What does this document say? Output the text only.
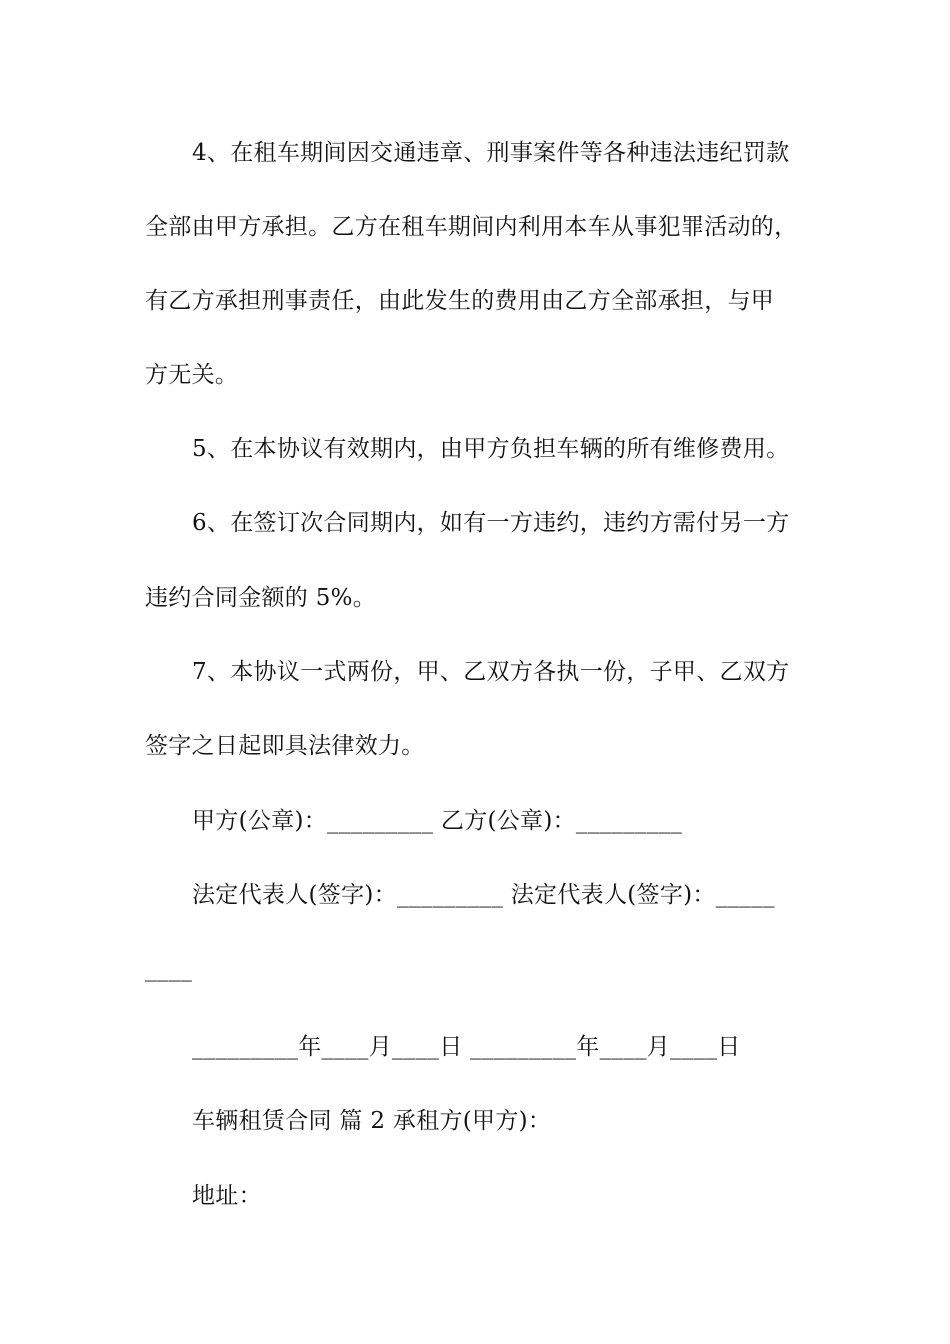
4、在租车期间因交通违章、刑事案件等各种违法违纪罚款
全部由甲方承担。乙方在租车期间内利用本车从事犯罪活动的，
有乙方承担刑事责任，由此发生的费用由乙方全部承担，与甲
方无关。
5、在本协议有效期内，由甲方负担车辆的所有维修费用。
6、在签订次合同期内，如有一方违约，违约方需付另一方
违约合同金额的 5%。
7、本协议一式两份，甲、乙双方各执一份，子甲、乙双方
签字之日起即具法律效力。
甲方(公章)：_________ 乙方(公章)：_________
法定代表人(签字)：_________ 法定代表人(签字)：_____
____
_________年____月____日 _________年____月____日
车辆租赁合同 篇 2 承租方(甲方)：
地址：
